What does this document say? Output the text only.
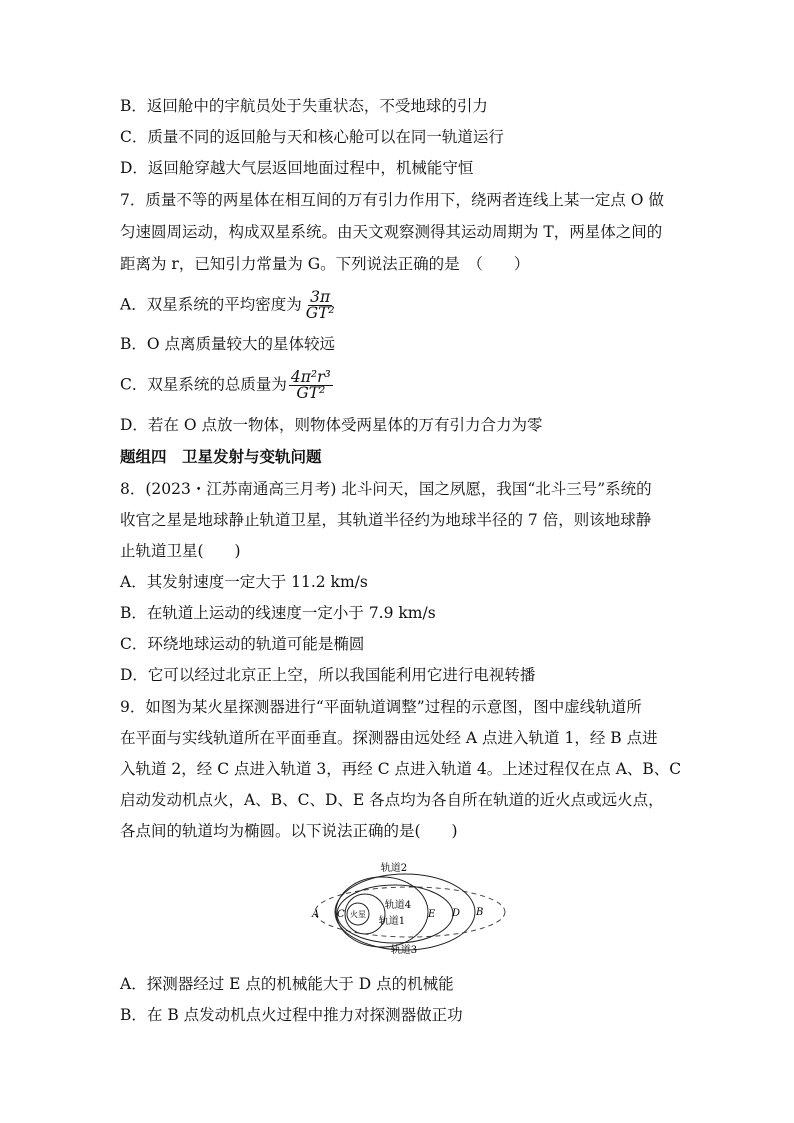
B．返回舱中的宇航员处于失重状态，不受地球的引力
C．质量不同的返回舱与天和核心舱可以在同一轨道运行
D．返回舱穿越大气层返回地面过程中，机械能守恒
7．质量不等的两星体在相互间的万有引力作用下，绕两者连线上某一定点 O 做
匀速圆周运动，构成双星系统。由天文观察测得其运动周期为 T，两星体之间的
距离为 r，已知引力常量为 G。下列说法正确的是　（　　）
A．双星系统的平均密度为 $\frac{3\pi}{\text{GT²}}$
B．O 点离质量较大的星体较远
C．双星系统的总质量为 $\frac{\text{4π²r³}}{\text{GT²}}$
D．若在 O 点放一物体，则物体受两星体的万有引力合力为零
题组四　卫星发射与变轨问题
8．(2023・江苏南通高三月考) 北斗问天，国之夙愿，我国“北斗三号”系统的
收官之星是地球静止轨道卫星，其轨道半径约为地球半径的 7 倍，则该地球静
止轨道卫星(　　)
A．其发射速度一定大于 11.2 km/s
B．在轨道上运动的线速度一定小于 7.9 km/s
C．环绕地球运动的轨道可能是椭圆
D．它可以经过北京正上空，所以我国能利用它进行电视转播
9．如图为某火星探测器进行“平面轨道调整”过程的示意图，图中虚线轨道所
在平面与实线轨道所在平面垂直。探测器由远处经 A 点进入轨道 1，经 B 点进
入轨道 2，经 C 点进入轨道 3，再经 C 点进入轨道 4。上述过程仅在点 A、B、C
启动发动机点火，A、B、C、D、E 各点均为各自所在轨道的近火点或远火点，
各点间的轨道均为椭圆。以下说法正确的是(　　)
火星
轨道2
轨道4
轨道1
轨道3
A C	E D B
A．探测器经过 E 点的机械能大于 D 点的机械能
B．在 B 点发动机点火过程中推力对探测器做正功
